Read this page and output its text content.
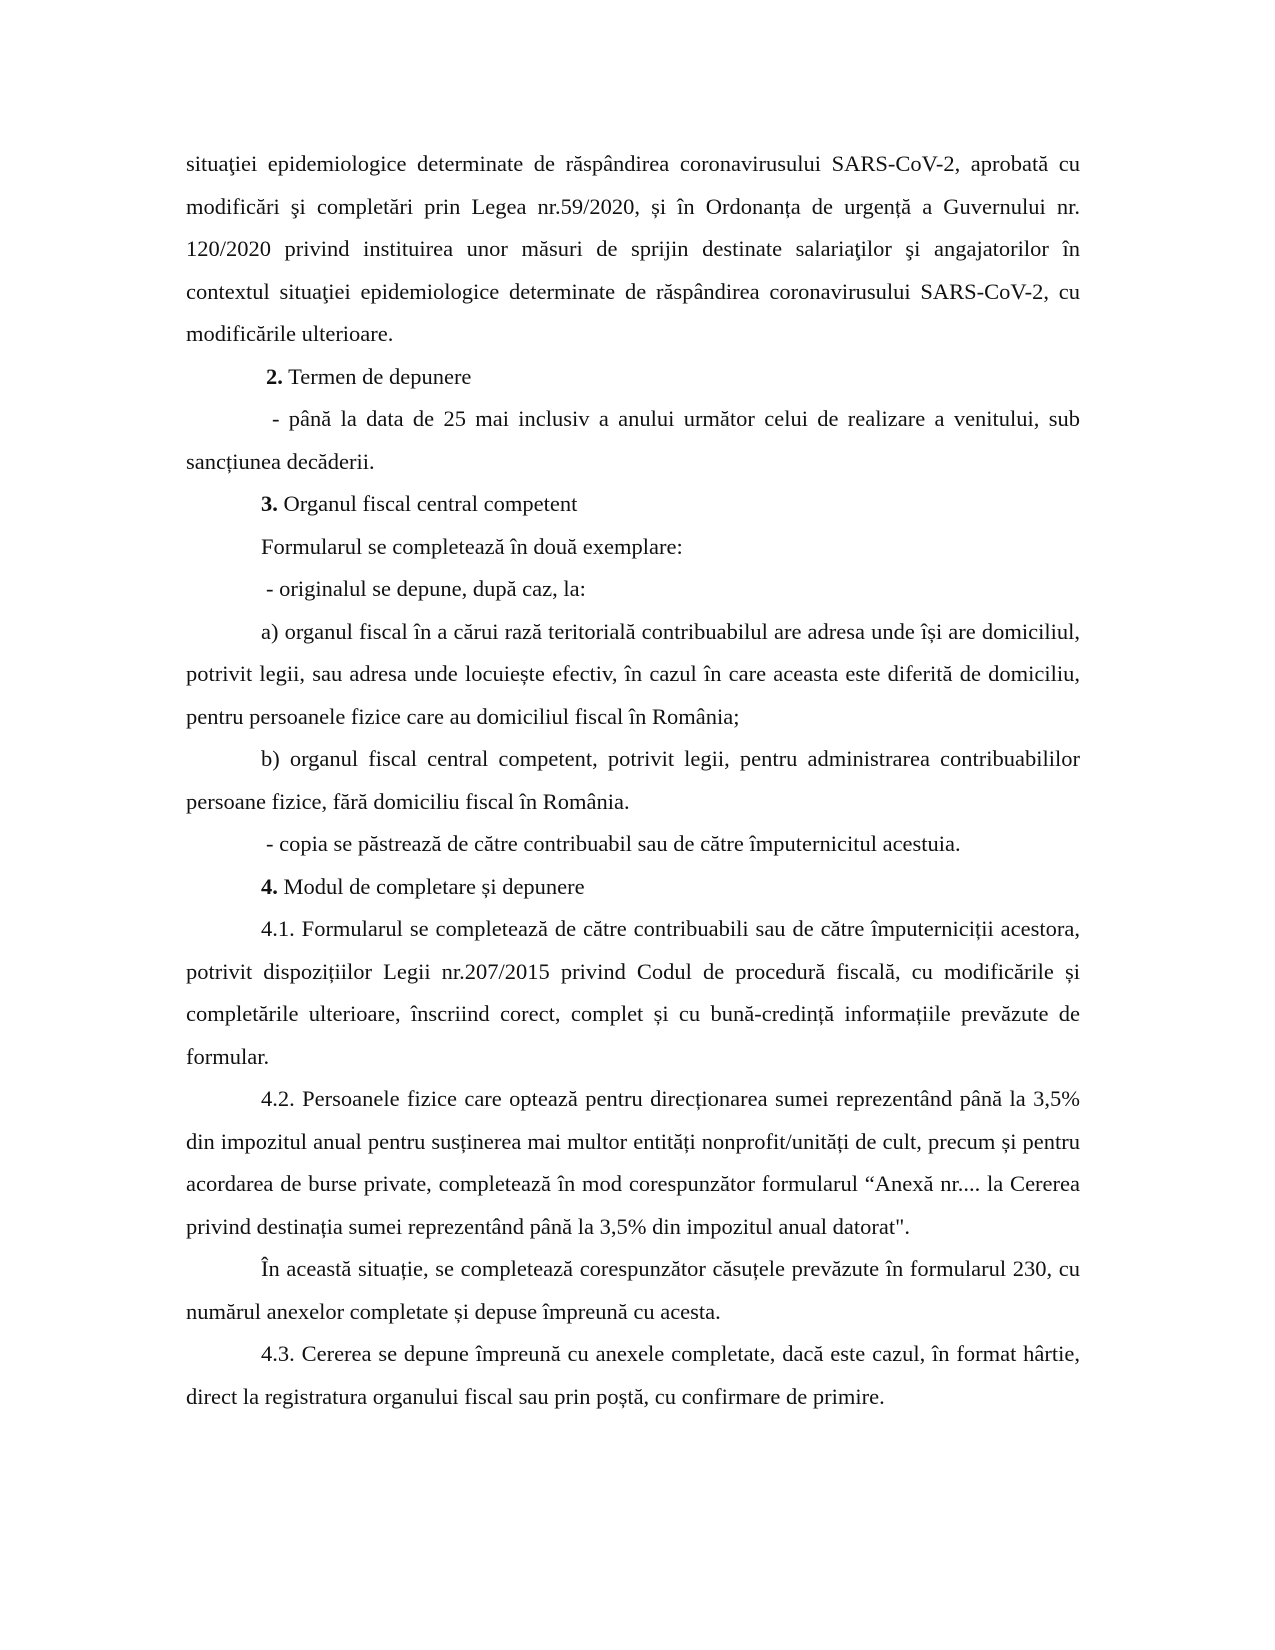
situaţiei epidemiologice determinate de răspândirea coronavirusului SARS-CoV-2, aprobată cu modificări şi completări prin Legea nr.59/2020, și în Ordonanța de urgență a Guvernului nr. 120/2020 privind instituirea unor măsuri de sprijin destinate salariaţilor şi angajatorilor în contextul situaţiei epidemiologice determinate de răspândirea coronavirusului SARS-CoV-2, cu modificările ulterioare.

2. Termen de depunere

- până la data de 25 mai inclusiv a anului următor celui de realizare a venitului, sub sancțiunea decăderii.

3. Organul fiscal central competent

Formularul se completează în două exemplare:

- originalul se depune, după caz, la:

a) organul fiscal în a cărui rază teritorială contribuabilul are adresa unde își are domiciliul, potrivit legii, sau adresa unde locuiește efectiv, în cazul în care aceasta este diferită de domiciliu, pentru persoanele fizice care au domiciliul fiscal în România;

b) organul fiscal central competent, potrivit legii, pentru administrarea contribuabililor persoane fizice, fără domiciliu fiscal în România.

- copia se păstrează de către contribuabil sau de către împuternicitul acestuia.

4. Modul de completare și depunere

4.1. Formularul se completează de către contribuabili sau de către împuterniciții acestora, potrivit dispozițiilor Legii nr.207/2015 privind Codul de procedură fiscală, cu modificările și completările ulterioare, înscriind corect, complet și cu bună-credință informațiile prevăzute de formular.

4.2. Persoanele fizice care optează pentru direcționarea sumei reprezentând până la 3,5% din impozitul anual pentru susținerea mai multor entități nonprofit/unități de cult, precum și pentru acordarea de burse private, completează în mod corespunzător formularul “Anexă nr.... la Cererea privind destinația sumei reprezentând până la 3,5% din impozitul anual datorat".

În această situație, se completează corespunzător căsuțele prevăzute în formularul 230, cu numărul anexelor completate și depuse împreună cu acesta.

4.3. Cererea se depune împreună cu anexele completate, dacă este cazul, în format hârtie, direct la registratura organului fiscal sau prin poștă, cu confirmare de primire.
